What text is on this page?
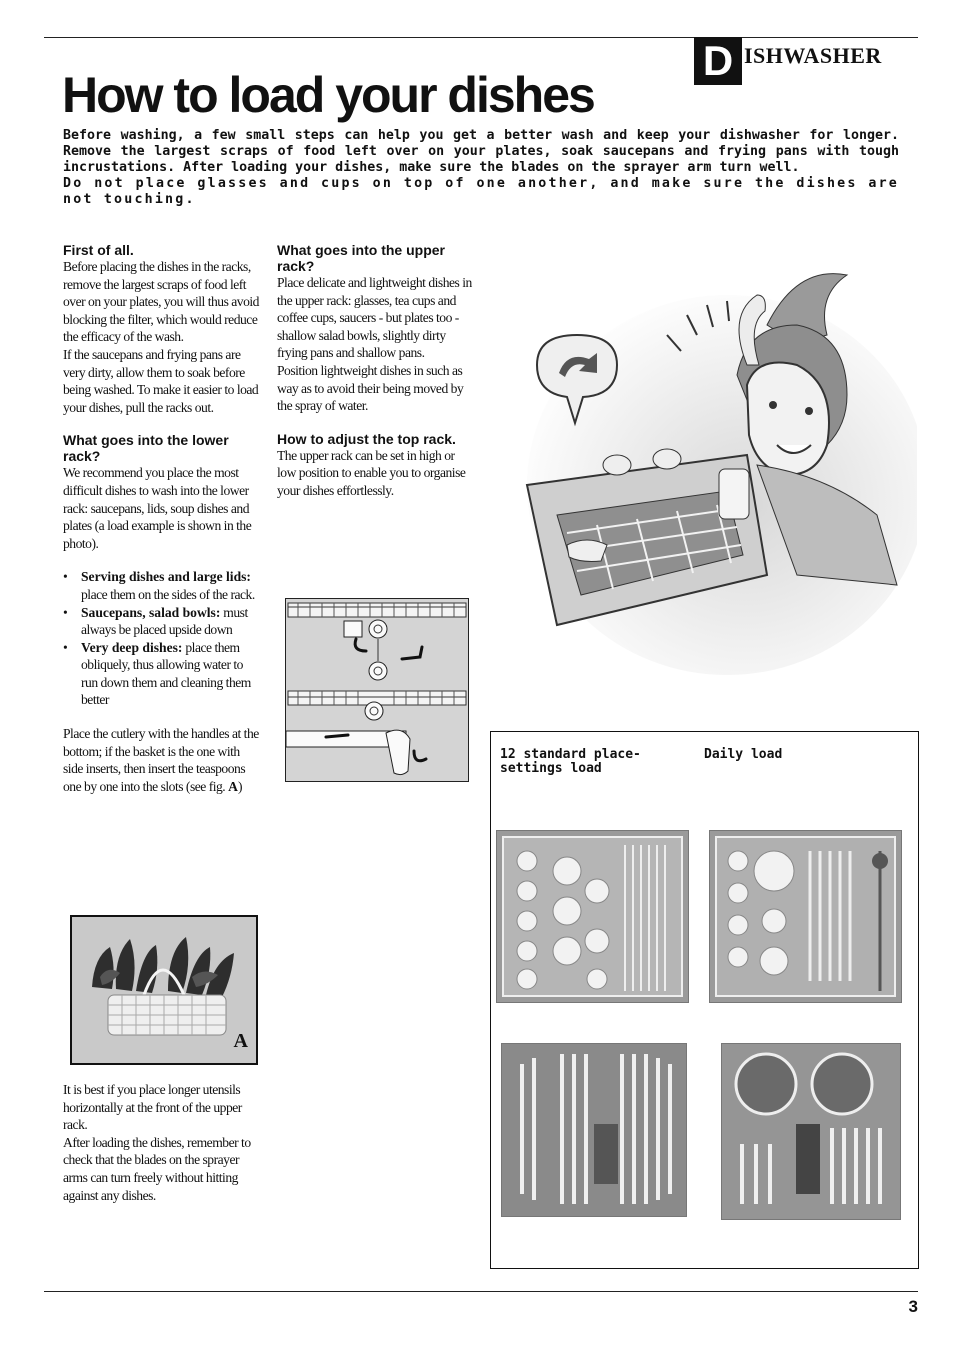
D ISHWASHER
How to load your dishes

Before washing, a few small steps can help you get a better wash and keep your dishwasher for longer. Remove the largest scraps of food left over on your plates, soak saucepans and frying pans with tough incrustations. After loading your dishes, make sure the blades on the sprayer arm turn well.

Do not place glasses and cups on top of one another, and make sure the dishes are not touching.

First of all.

Before placing the dishes in the racks, remove the largest scraps of food left over on your plates, you will thus avoid blocking the filter, which would reduce the efficacy of the wash.

If the saucepans and frying pans are very dirty, allow them to soak before being washed. To make it easier to load your dishes, pull the racks out.

What goes into the lower rack?

We recommend you place the most difficult dishes to wash into the lower rack: saucepans, lids, soup dishes and plates (a load example is shown in the photo).

• Serving dishes and large lids: place them on the sides of the rack.
• Saucepans, salad bowls: must always be placed upside down
• Very deep dishes: place them obliquely, thus allowing water to run down them and cleaning them better

Place the cutlery with the handles at the bottom; if the basket is the one with side inserts, then insert the teaspoons one by one into the slots (see fig. A)

A

It is best if you place longer utensils horizontally at the front of the upper rack.

After loading the dishes, remember to check that the blades on the sprayer arms can turn freely without hitting against any dishes.

What goes into the upper rack?

Place delicate and lightweight dishes in the upper rack: glasses, tea cups and coffee cups, saucers - but plates too - shallow salad bowls, slightly dirty frying pans and shallow pans.

Position lightweight dishes in such as way as to avoid their being moved by the spray of water.

How to adjust the top rack.

The upper rack can be set in high or low position to enable you to organise your dishes effortlessly.

12 standard place-settings load
Daily load
3
